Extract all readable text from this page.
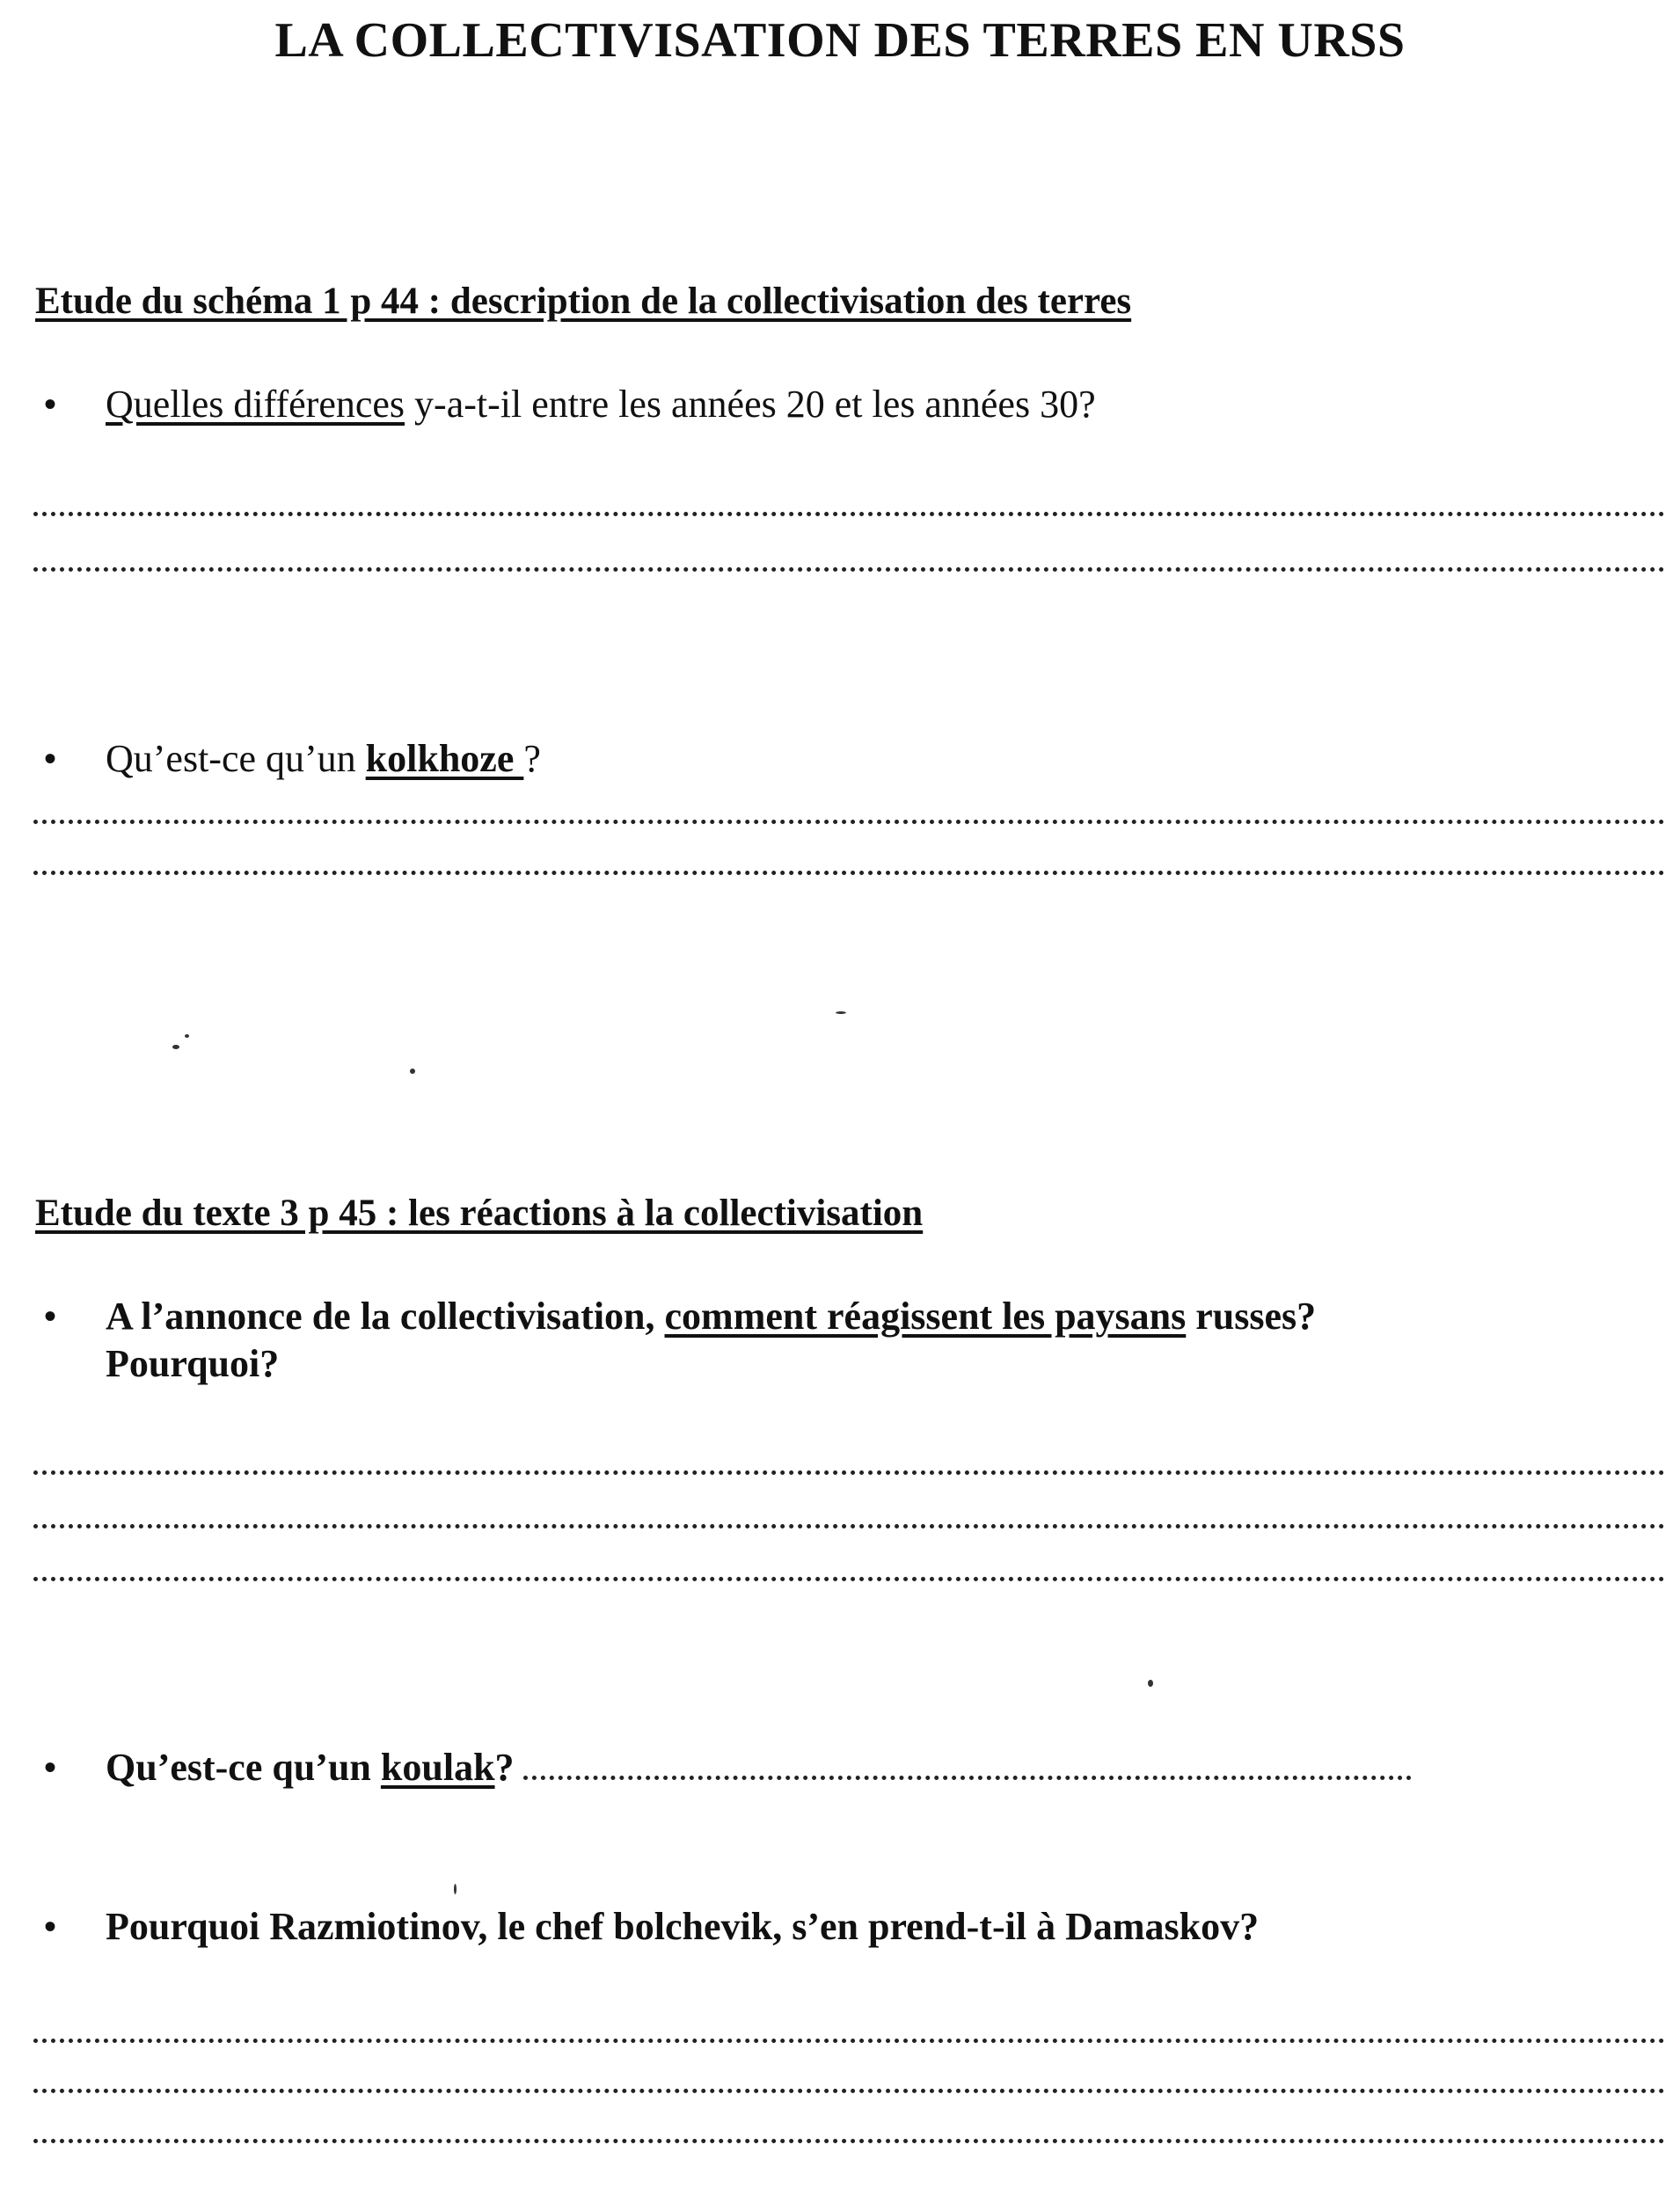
LA COLLECTIVISATION DES TERRES EN URSS
Etude du schéma 1 p 44 : description de la collectivisation des terres
• Quelles différences y-a-t-il entre les années 20 et les années 30?
• Qu’est-ce qu’un kolkhoze ?
Etude du texte 3 p 45 : les réactions à la collectivisation
• A l’annonce de la collectivisation, comment réagissent les paysans russes?
Pourquoi?
• Qu’est-ce qu’un koulak?
• Pourquoi Razmiotinov, le chef bolchevik, s’en prend-t-il à Damaskov?
